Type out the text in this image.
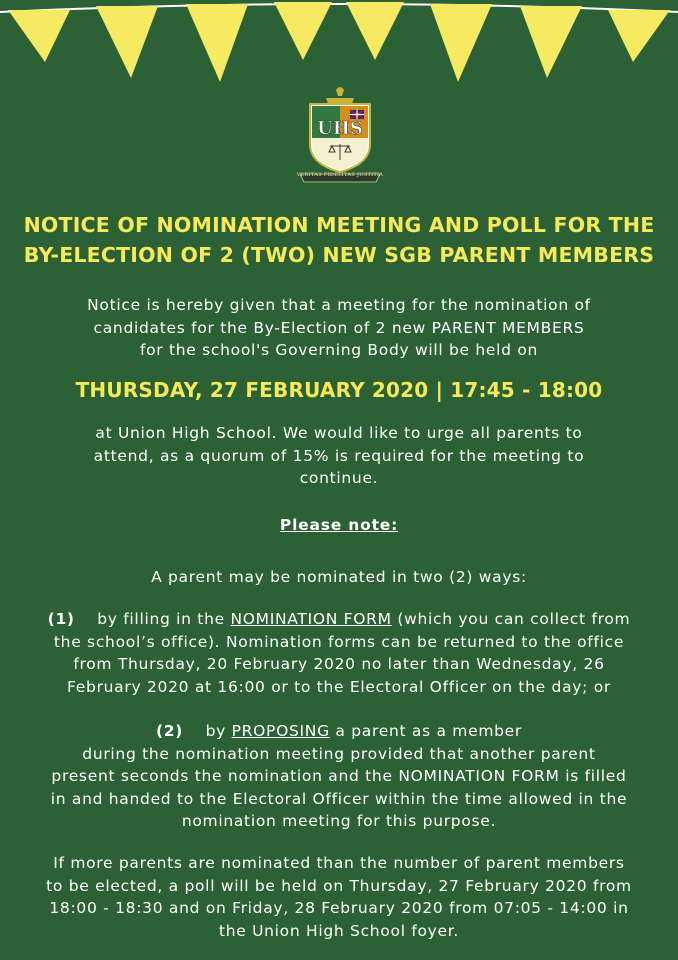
UHS
VERITAS FIDELITAS JUSTITIA
NOTICE OF NOMINATION MEETING AND POLL FOR THE
BY-ELECTION OF 2 (TWO) NEW SGB PARENT MEMBERS
Notice is hereby given that a meeting for the nomination of
candidates for the By-Election of 2 new PARENT MEMBERS
for the school's Governing Body will be held on
THURSDAY, 27 FEBRUARY 2020 | 17:45 - 18:00
at Union High School. We would like to urge all parents to
attend, as a quorum of 15% is required for the meeting to
continue.
Please note:
A parent may be nominated in two (2) ways:
(1) by filling in the NOMINATION FORM (which you can collect from
the school’s office). Nomination forms can be returned to the office
from Thursday, 20 February 2020 no later than Wednesday, 26
February 2020 at 16:00 or to the Electoral Officer on the day; or
(2) by PROPOSING a parent as a member
during the nomination meeting provided that another parent
present seconds the nomination and the NOMINATION FORM is filled
in and handed to the Electoral Officer within the time allowed in the
nomination meeting for this purpose.
If more parents are nominated than the number of parent members
to be elected, a poll will be held on Thursday, 27 February 2020 from
18:00 - 18:30 and on Friday, 28 February 2020 from 07:05 - 14:00 in
the Union High School foyer.
